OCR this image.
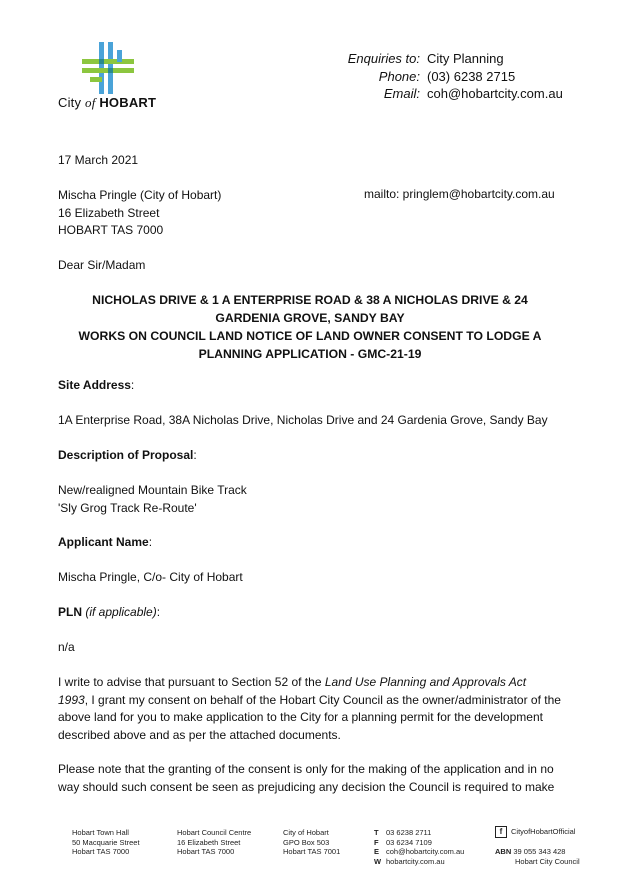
City of HOBART
Enquiries to: City Planning
Phone: (03) 6238 2715
Email: coh@hobartcity.com.au
17 March 2021
Mischa Pringle (City of Hobart)
16 Elizabeth Street
HOBART TAS 7000
mailto: pringlem@hobartcity.com.au
Dear Sir/Madam
NICHOLAS DRIVE & 1 A ENTERPRISE ROAD & 38 A NICHOLAS DRIVE & 24
GARDENIA GROVE, SANDY BAY
WORKS ON COUNCIL LAND NOTICE OF LAND OWNER CONSENT TO LODGE A
PLANNING APPLICATION - GMC-21-19
Site Address:
1A Enterprise Road, 38A Nicholas Drive, Nicholas Drive and 24 Gardenia Grove, Sandy Bay
Description of Proposal:
New/realigned Mountain Bike Track
'Sly Grog Track Re-Route'
Applicant Name:
Mischa Pringle, C/o- City of Hobart
PLN (if applicable):
n/a
I write to advise that pursuant to Section 52 of the Land Use Planning and Approvals Act
1993, I grant my consent on behalf of the Hobart City Council as the owner/administrator of the
above land for you to make application to the City for a planning permit for the development
described above and as per the attached documents.
Please note that the granting of the consent is only for the making of the application and in no
way should such consent be seen as prejudicing any decision the Council is required to make
Hobart Town Hall
50 Macquarie Street
Hobart TAS 7000
Hobart Council Centre
16 Elizabeth Street
Hobart TAS 7000
City of Hobart
GPO Box 503
Hobart TAS 7001
T 03 6238 2711
F 03 6234 7109
E coh@hobartcity.com.au
W hobartcity.com.au
f CityofHobartOfficial
ABN 39 055 343 428
Hobart City Council
